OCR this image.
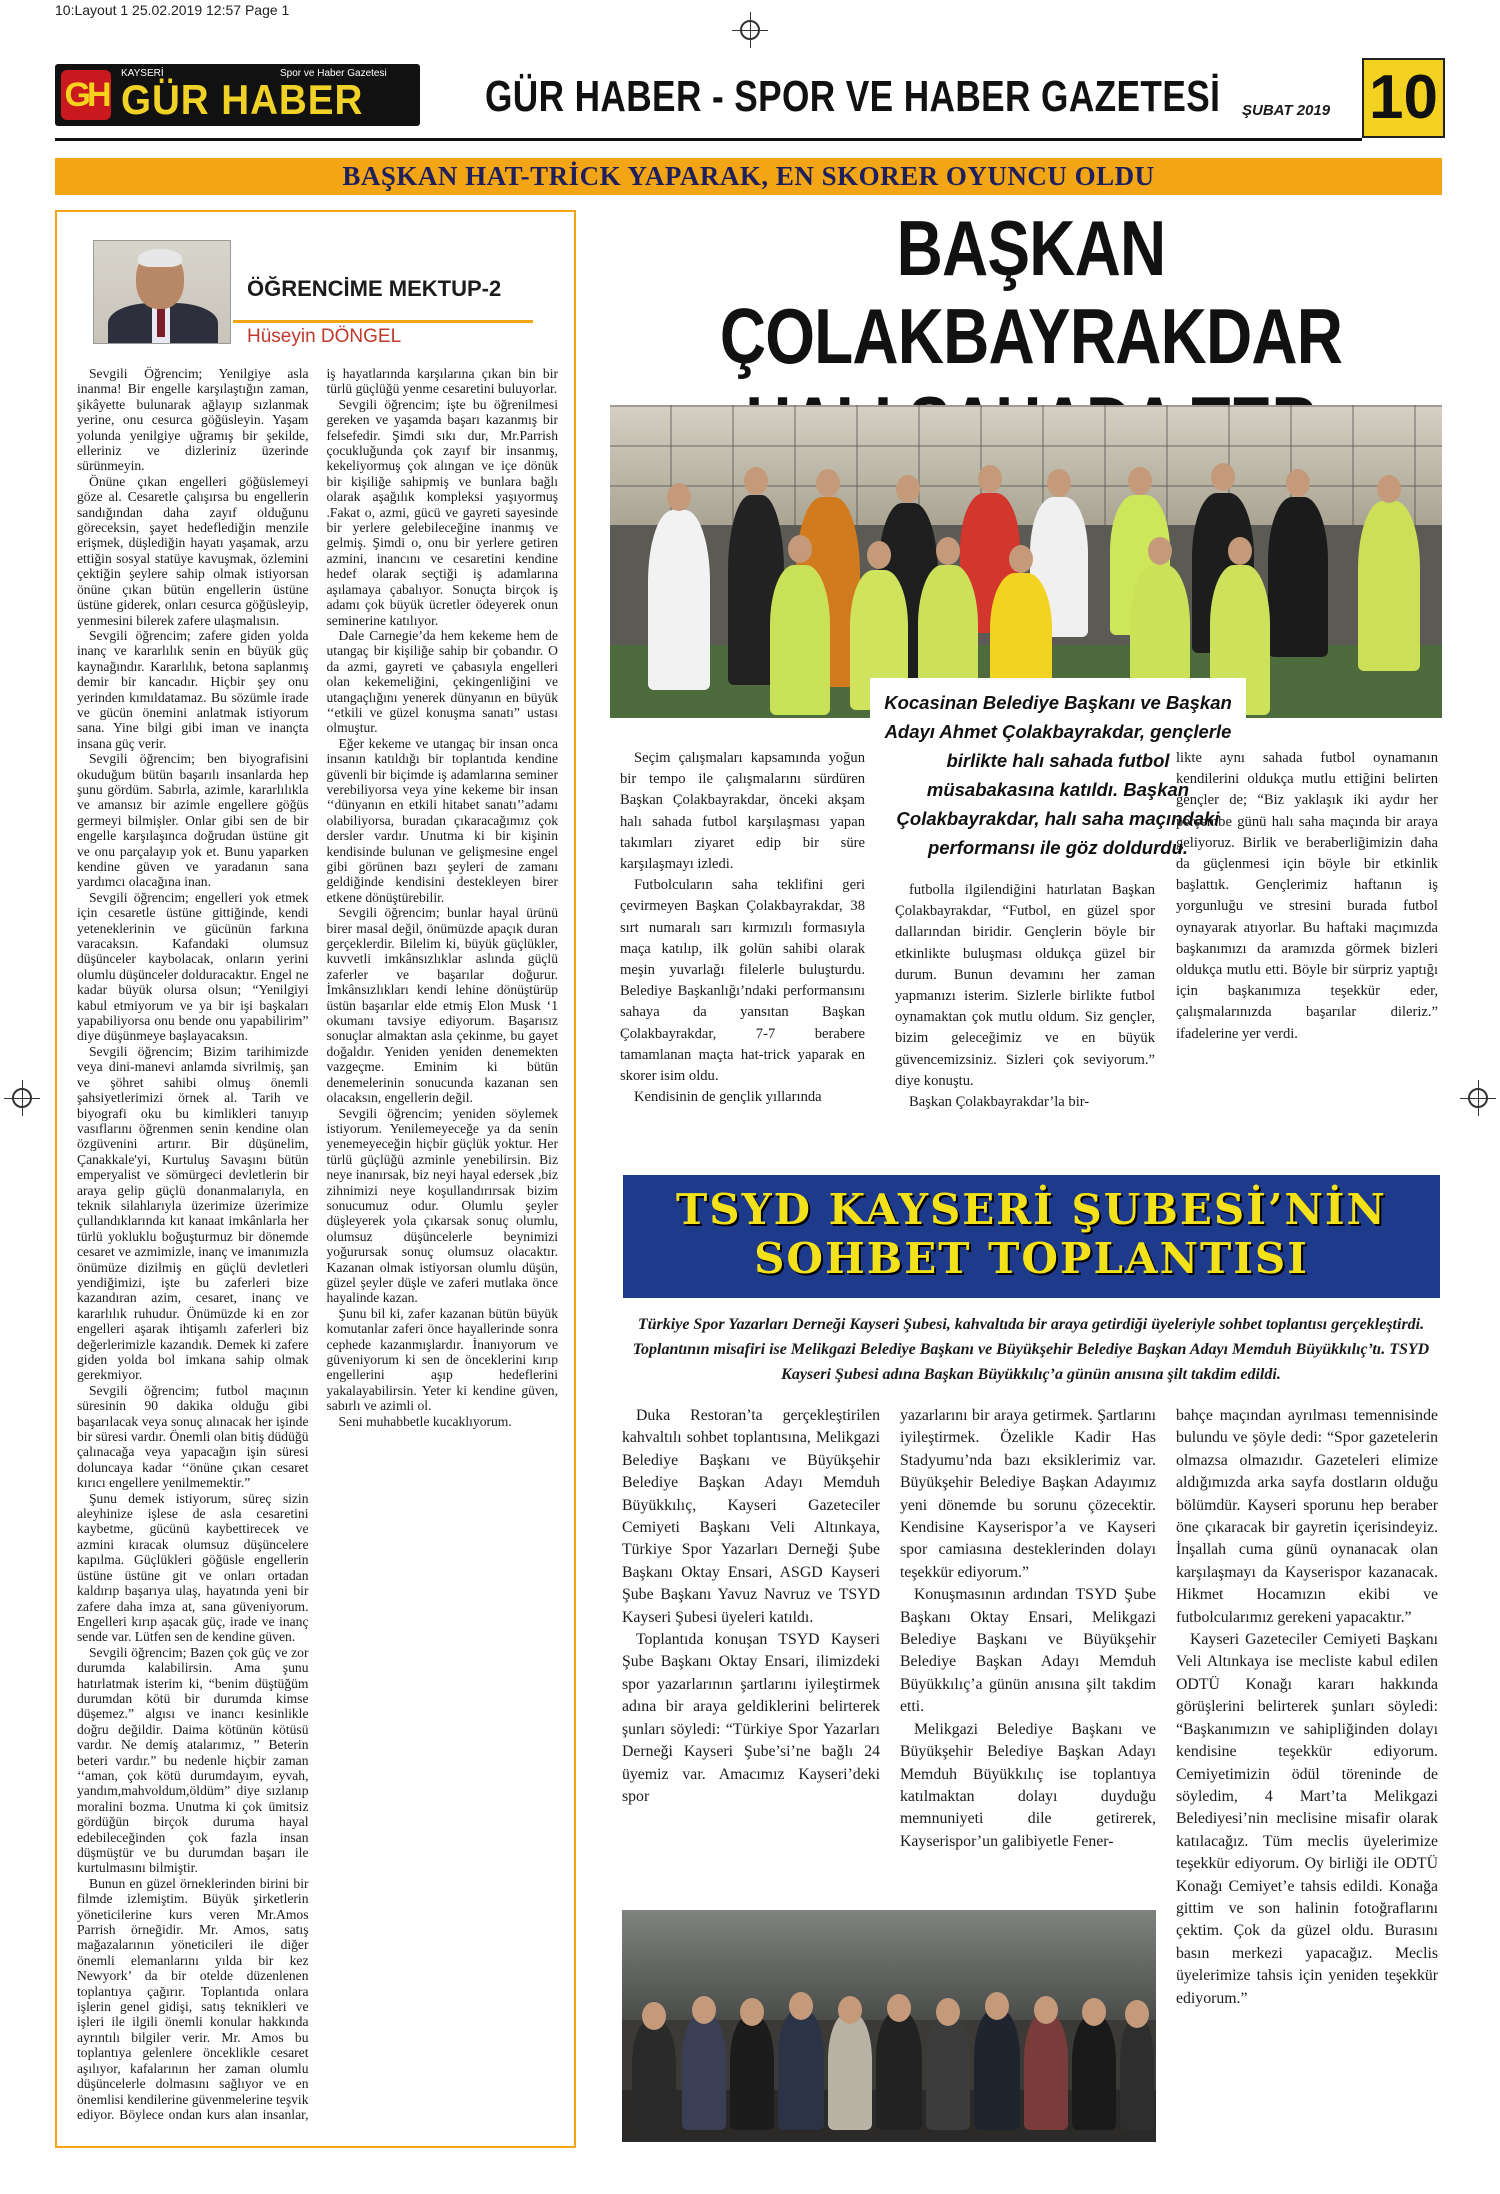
10:Layout 1 25.02.2019 12:57 Page 1
GH
KAYSERİ	Spor ve Haber Gazetesi
GÜR HABER	GÜR HABER - SPOR VE HABER GAZETESİ ŞUBAT 2019 10
BAŞKAN HAT-TRİCK YAPARAK, EN SKORER OYUNCU OLDU
ÖĞRENCİME MEKTUP-2
Hüseyin DÖNGEL

Sevgili Öğrencim; Yenilgiye asla inanma! Bir engelle karşılaştığın zaman, şikâyette bulunarak ağlayıp sızlanmak yerine, onu cesurca göğüsleyin. Yaşam yolunda yenilgiye uğramış bir şekilde, elleriniz ve dizleriniz üzerinde sürünmeyin.

Önüne çıkan engelleri göğüslemeyi göze al. Cesaretle çalışırsa bu engellerin sandığından daha zayıf olduğunu göreceksin, şayet hedeflediğin menzile erişmek, düşlediğin hayatı yaşamak, arzu ettiğin sosyal statüye kavuşmak, özlemini çektiğin şeylere sahip olmak istiyorsan önüne çıkan bütün engellerin üstüne üstüne giderek, onları cesurca göğüsleyip, yenmesini bilerek zafere ulaşmalısın.

Sevgili öğrencim; zafere giden yolda inanç ve kararlılık senin en büyük güç kaynağındır. Kararlılık, betona saplanmış demir bir kancadır. Hiçbir şey onu yerinden kımıldatamaz. Bu sözümle irade ve gücün önemini anlatmak istiyorum sana. Yine bilgi gibi iman ve inançta insana güç verir.

Sevgili öğrencim; ben biyografisini okuduğum bütün başarılı insanlarda hep şunu gördüm. Sabırla, azimle, kararlılıkla ve amansız bir azimle engellere göğüs germeyi bilmişler. Onlar gibi sen de bir engelle karşılaşınca doğrudan üstüne git ve onu parçalayıp yok et. Bunu yaparken kendine güven ve yaradanın sana yardımcı olacağına inan.

Sevgili öğrencim; engelleri yok etmek için cesaretle üstüne gittiğinde, kendi yeteneklerinin ve gücünün farkına varacaksın. Kafandaki olumsuz düşünceler kaybolacak, onların yerini olumlu düşünceler dolduracaktır. Engel ne kadar büyük olursa olsun; “Yenilgiyi kabul etmiyorum ve ya bir işi başkaları yapabiliyorsa onu bende onu yapabilirim” diye düşünmeye başlayacaksın.

Sevgili öğrencim; Bizim tarihimizde veya dini-manevi anlamda sivrilmiş, şan ve şöhret sahibi olmuş önemli şahsiyetlerimizi örnek al. Tarih ve biyografi oku bu kimlikleri tanıyıp vasıflarını öğrenmen senin kendine olan özgüvenini artırır. Bir düşünelim, Çanakkale'yi, Kurtuluş Savaşını bütün emperyalist ve sömürgeci devletlerin bir araya gelip güçlü donanmalarıyla, en teknik silahlarıyla üzerimize üzerimize çullandıklarında kıt kanaat imkânlarla her türlü yokluklu boğuşturmuz bir dönemde cesaret ve azmimizle, inanç ve imanımızla önümüze dizilmiş en güçlü devletleri yendiğimizi, işte bu zaferleri bize kazandıran azim, cesaret, inanç ve kararlılık ruhudur. Önümüzde ki en zor engelleri aşarak ihtişamlı zaferleri biz değerlerimizle kazandık. Demek ki zafere giden yolda bol imkana sahip olmak gerekmiyor.

Sevgili öğrencim; futbol maçının süresinin 90 dakika olduğu gibi başarılacak veya sonuç alınacak her işinde bir süresi vardır. Önemli olan bitiş düdüğü çalınacağa veya yapacağın işin süresi doluncaya kadar ‘‘önüne çıkan cesaret kırıcı engellere yenilmemektir.”

Şunu demek istiyorum, süreç sizin aleyhinize işlese de asla cesaretini kaybetme, gücünü kaybettirecek ve azmini kıracak olumsuz düşüncelere kapılma. Güçlükleri göğüsle engellerin üstüne üstüne git ve onları ortadan kaldırıp başarıya ulaş, hayatında yeni bir zafere daha imza at, sana güveniyorum. Engelleri kırıp aşacak güç, irade ve inanç sende var. Lütfen sen de kendine güven.

Sevgili öğrencim; Bazen çok güç ve zor durumda kalabilirsin. Ama şunu hatırlatmak isterim ki, “benim düştüğüm durumdan kötü bir durumda kimse düşemez.” algısı ve inancı kesinlikle doğru değildir. Daima kötünün kötüsü vardır. Ne demiş atalarımız, ” Beterin beteri vardır.” bu nedenle hiçbir zaman ‘‘aman, çok kötü durumdayım, eyvah, yandım,mahvoldum,öldüm” diye sızlanıp moralini bozma. Unutma ki çok ümitsiz gördüğün birçok duruma hayal edebileceğinden çok fazla insan düşmüştür ve bu durumdan başarı ile kurtulmasını bilmiştir.

Bunun en güzel örneklerinden birini bir filmde izlemiştim. Büyük şirketlerin yöneticilerine kurs veren Mr.Amos Parrish örneğidir. Mr. Amos, satış mağazalarının yöneticileri ile diğer önemli elemanlarını yılda bir kez Newyork’ da bir otelde düzenlenen toplantıya çağırır. Toplantıda onlara işlerin genel gidişi, satış teknikleri ve işleri ile ilgili önemli konular hakkında ayrıntılı bilgiler verir. Mr. Amos bu toplantıya gelenlere önceklikle cesaret aşılıyor, kafalarının her zaman olumlu düşüncelerle dolmasını sağlıyor ve en önemlisi kendilerine güvenmelerine teşvik ediyor. Böylece ondan kurs alan insanlar, iş hayatlarında karşılarına çıkan bin bir türlü güçlüğü yenme cesaretini buluyorlar.

Sevgili öğrencim; işte bu öğrenilmesi gereken ve yaşamda başarı kazanmış bir felsefedir. Şimdi sıkı dur, Mr.Parrish çocukluğunda çok zayıf bir insanmış, kekeliyormuş çok alıngan ve içe dönük bir kişiliğe sahipmiş ve bunlara bağlı olarak aşağılık kompleksi yaşıyormuş .Fakat o, azmi, gücü ve gayreti sayesinde bir yerlere gelebileceğine inanmış ve gelmiş. Şimdi o, onu bir yerlere getiren azmini, inancını ve cesaretini kendine hedef olarak seçtiği iş adamlarına aşılamaya çabalıyor. Sonuçta birçok iş adamı çok büyük ücretler ödeyerek onun seminerine katılıyor.

Dale Carnegie’da hem kekeme hem de utangaç bir kişiliğe sahip bir çobandır. O da azmi, gayreti ve çabasıyla engelleri olan kekemeliğini, çekingenliğini ve utangaçlığını yenerek dünyanın en büyük ‘‘etkili ve güzel konuşma sanatı” ustası olmuştur.

Eğer kekeme ve utangaç bir insan onca insanın katıldığı bir toplantıda kendine güvenli bir biçimde iş adamlarına seminer verebiliyorsa veya yine kekeme bir insan ‘‘dünyanın en etkili hitabet sanatı’’adamı olabiliyorsa, buradan çıkaracağımız çok dersler vardır. Unutma ki bir kişinin kendisinde bulunan ve gelişmesine engel gibi görünen bazı şeyleri de zamanı geldiğinde kendisini destekleyen birer etkene dönüştürebilir.

Sevgili öğrencim; bunlar hayal ürünü birer masal değil, önümüzde apaçık duran gerçeklerdir. Bilelim ki, büyük güçlükler, kuvvetli imkânsızlıklar aslında güçlü zaferler ve başarılar doğurur. İmkânsızlıkları kendi lehine dönüştürüp üstün başarılar elde etmiş Elon Musk ‘1 okumanı tavsiye ediyorum. Başarısız sonuçlar almaktan asla çekinme, bu gayet doğaldır. Yeniden yeniden denemekten vazgeçme. Eminim ki bütün denemelerinin sonucunda kazanan sen olacaksın, engellerin değil.

Sevgili öğrencim; yeniden söylemek istiyorum. Yenilemeyeceğe ya da senin yenemeyeceğin hiçbir güçlük yoktur. Her türlü güçlüğü azminle yenebilirsin. Biz neye inanırsak, biz neyi hayal edersek ,biz zihnimizi neye koşullandırırsak bizim sonucumuz odur. Olumlu şeyler düşleyerek yola çıkarsak sonuç olumlu, olumsuz düşüncelerle beynimizi yoğurursak sonuç olumsuz olacaktır. Kazanan olmak istiyorsan olumlu düşün, güzel şeyler düşle ve zaferi mutlaka önce hayalinde kazan.

Şunu bil ki, zafer kazanan bütün büyük komutanlar zaferi önce hayallerinde sonra cephede kazanmışlardır. İnanıyorum ve güveniyorum ki sen de önceklerini kırıp engellerini aşıp hedeflerini yakalayabilirsin. Yeter ki kendine güven, sabırlı ve azimli ol.

Seni muhabbetle kucaklıyorum.

BAŞKAN ÇOLAKBAYRAKDAR
Kocasinan Belediye Başkanı ve Başkan Adayı Ahmet Çolakbayrakdar, gençlerle birlikte halı sahada futbol müsabakasına katıldı. Başkan Çolakbayrakdar, halı saha maçındaki performansı ile göz doldurdu.

Seçim çalışmaları kapsamında yoğun bir tempo ile çalışmalarını sürdüren Başkan Çolakbayrakdar, önceki akşam halı sahada futbol karşılaşması yapan takımları ziyaret edip bir süre karşılaşmayı izledi.

Futbolcuların saha teklifini geri çevirmeyen Başkan Çolakbayrakdar, 38 sırt numaralı sarı kırmızılı formasıyla maça katılıp, ilk golün sahibi olarak meşin yuvarlağı filelerle buluşturdu. Belediye Başkanlığı’ndaki performansını sahaya da yansıtan Başkan Çolakbayrakdar, 7-7 berabere tamamlanan maçta hat-trick yaparak en skorer isim oldu.

Kendisinin de gençlik yıllarında

futbolla ilgilendiğini hatırlatan Başkan Çolakbayrakdar, “Futbol, en güzel spor dallarından biridir. Gençlerin böyle bir etkinlikte buluşması oldukça güzel bir durum. Bunun devamını her zaman yapmanızı isterim. Sizlerle birlikte futbol oynamaktan çok mutlu oldum. Siz gençler, bizim geleceğimiz ve en büyük güvencemizsiniz. Sizleri çok seviyorum.” diye konuştu.

Başkan Çolakbayrakdar’la bir-

likte aynı sahada futbol oynamanın kendilerini oldukça mutlu ettiğini belirten gençler de; “Biz yaklaşık iki aydır her perşembe günü halı saha maçında bir araya geliyoruz. Birlik ve beraberliğimizin daha da güçlenmesi için böyle bir etkinlik başlattık. Gençlerimiz haftanın iş yorgunluğu ve stresini burada futbol oynayarak atıyorlar. Bu haftaki maçımızda başkanımızı da aramızda görmek bizleri oldukça mutlu etti. Böyle bir sürpriz yaptığı için başkanımıza teşekkür eder, çalışmalarınızda başarılar dileriz.” ifadelerine yer verdi.

TSYD KAYSERİ ŞUBESİ’NİN
SOHBET TOPLANTISI
Türkiye Spor Yazarları Derneği Kayseri Şubesi, kahvaltıda bir araya getirdiği üyeleriyle sohbet toplantısı gerçekleştirdi. Toplantının misafiri ise Melikgazi Belediye Başkanı ve Büyükşehir Belediye Başkan Adayı Memduh Büyükkılıç’tı. TSYD Kayseri Şubesi adına Başkan Büyükkılıç’a günün anısına şilt takdim edildi.

Duka Restoran’ta gerçekleştirilen kahvaltılı sohbet toplantısına, Melikgazi Belediye Başkanı ve Büyükşehir Belediye Başkan Adayı Memduh Büyükkılıç, Kayseri Gazeteciler Cemiyeti Başkanı Veli Altınkaya, Türkiye Spor Yazarları Derneği Şube Başkanı Oktay Ensari, ASGD Kayseri Şube Başkanı Yavuz Navruz ve TSYD Kayseri Şubesi üyeleri katıldı.

Toplantıda konuşan TSYD Kayseri Şube Başkanı Oktay Ensari, ilimizdeki spor yazarlarının şartlarını iyileştirmek adına bir araya geldiklerini belirterek şunları söyledi: “Türkiye Spor Yazarları Derneği Kayseri Şube’si’ne bağlı 24 üyemiz var. Amacımız Kayseri’deki spor

yazarlarını bir araya getirmek. Şartlarını iyileştirmek. Özelikle Kadir Has Stadyumu’nda bazı eksiklerimiz var. Büyükşehir Belediye Başkan Adayımız yeni dönemde bu sorunu çözecektir. Kendisine Kayserispor’a ve Kayseri spor camiasına desteklerinden dolayı teşekkür ediyorum.”

Konuşmasının ardından TSYD Şube Başkanı Oktay Ensari, Melikgazi Belediye Başkanı ve Büyükşehir Belediye Başkan Adayı Memduh Büyükkılıç’a günün anısına şilt takdim etti.

Melikgazi Belediye Başkanı ve Büyükşehir Belediye Başkan Adayı Memduh Büyükkılıç ise toplantıya katılmaktan dolayı duyduğu memnuniyeti dile getirerek, Kayserispor’un galibiyetle Fener-

bahçe maçından ayrılması temennisinde bulundu ve şöyle dedi: “Spor gazetelerin olmazsa olmazıdır. Gazeteleri elimize aldığımızda arka sayfa dostların olduğu bölümdür. Kayseri sporunu hep beraber öne çıkaracak bir gayretin içerisindeyiz. İnşallah cuma günü oynanacak olan karşılaşmayı da Kayserispor kazanacak. Hikmet Hocamızın ekibi ve futbolcularımız gerekeni yapacaktır.”

Kayseri Gazeteciler Cemiyeti Başkanı Veli Altınkaya ise mecliste kabul edilen ODTÜ Konağı kararı hakkında görüşlerini belirterek şunları söyledi: “Başkanımızın ve sahipliğinden dolayı kendisine teşekkür ediyorum. Cemiyetimizin ödül töreninde de söyledim, 4 Mart’ta Melikgazi Belediyesi’nin meclisine misafir olarak katılacağız. Tüm meclis üyelerimize teşekkür ediyorum. Oy birliği ile ODTÜ Konağı Cemiyet’e tahsis edildi. Konağa gittim ve son halinin fotoğraflarını çektim. Çok da güzel oldu. Burasını basın merkezi yapacağız. Meclis üyelerimize tahsis için yeniden teşekkür ediyorum.”
